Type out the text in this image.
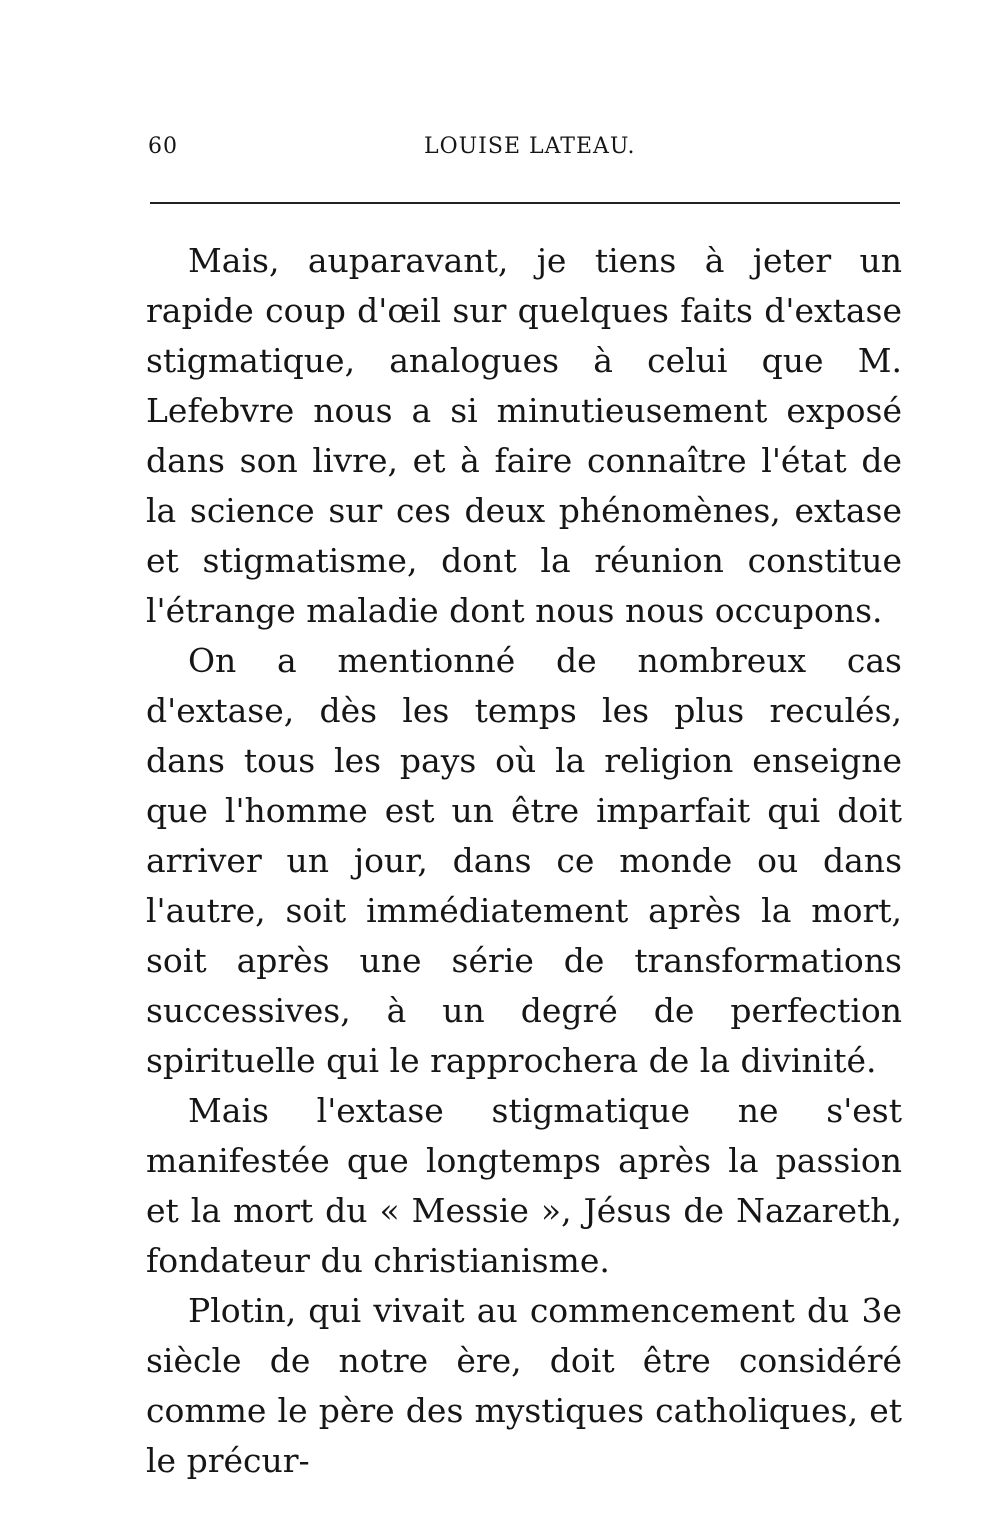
60	LOUISE LATEAU.

Mais, auparavant, je tiens à jeter un rapide coup d'œil sur quelques faits d'extase stigmatique, analogues à celui que M. Lefebvre nous a si minutieusement exposé dans son livre, et à faire connaître l'état de la science sur ces deux phénomènes, extase et stigmatisme, dont la réunion constitue l'étrange maladie dont nous nous occupons.

On a mentionné de nombreux cas d'extase, dès les temps les plus reculés, dans tous les pays où la religion enseigne que l'homme est un être imparfait qui doit arriver un jour, dans ce monde ou dans l'autre, soit immédiatement après la mort, soit après une série de transformations successives, à un degré de perfection spirituelle qui le rapprochera de la divinité.

Mais l'extase stigmatique ne s'est manifestée que longtemps après la passion et la mort du « Messie », Jésus de Nazareth, fondateur du christianisme.

Plotin, qui vivait au commencement du 3e siècle de notre ère, doit être considéré comme le père des mystiques catholiques, et le précur-
